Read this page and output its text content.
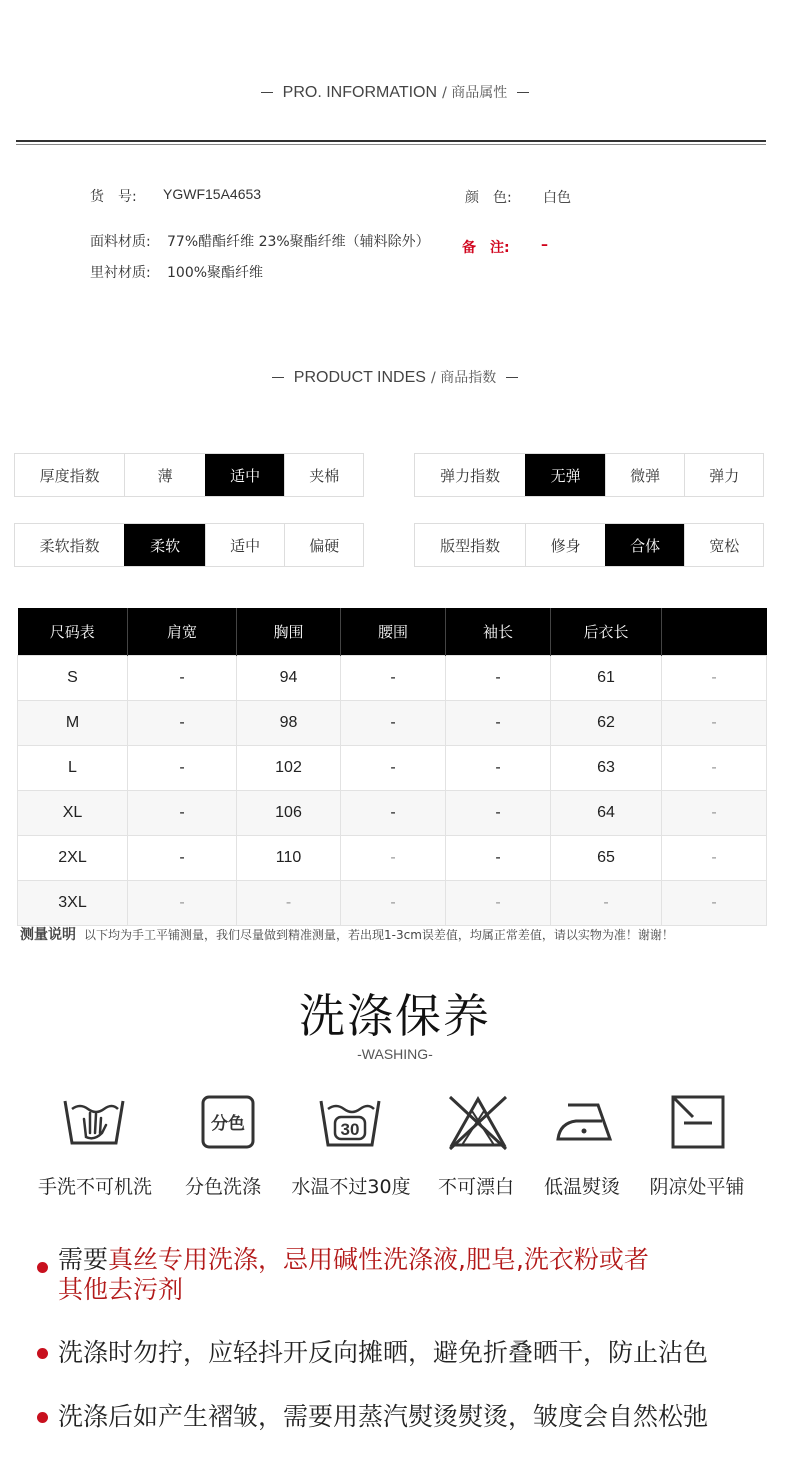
PRO. INFORMATION / 商品属性
货　号: YGWF15A4653	颜　色: 白色
面料材质: 77%醋酯纤维 23%聚酯纤维（辅料除外） 备　注: –
里衬材质: 100%聚酯纤维
PRODUCT INDES / 商品指数
厚度指数	薄	适中	夹棉	弹力指数	无弹	微弹	弹力
柔软指数	柔软	适中	偏硬	版型指数	修身	合体	宽松
尺码表	肩宽	胸围	腰围	袖长	后衣长	
S	-	94	-	-	61	-
M	-	98	-	-	62	-
L	-	102	-	-	63	-
XL	-	106	-	-	64	-
2XL	-	110	-	-	65	-
3XL	-	-	-	-	-	-
测量说明 以下均为手工平铺测量，我们尽量做到精准测量，若出现1-3cm误差值，均属正常差值，请以实物为准！谢谢！
洗涤保养
-WASHING-
分色	30
手洗不可机洗	分色洗涤	水温不过30度	不可漂白	低温熨烫	阴凉处平铺
需要真丝专用洗涤，忌用碱性洗涤液,肥皂,洗衣粉或者
其他去污剂
洗涤时勿拧，应轻抖开反向摊晒，避免折叠晒干，防止沾色
洗涤后如产生褶皱，需要用蒸汽熨烫熨烫，皱度会自然松弛
